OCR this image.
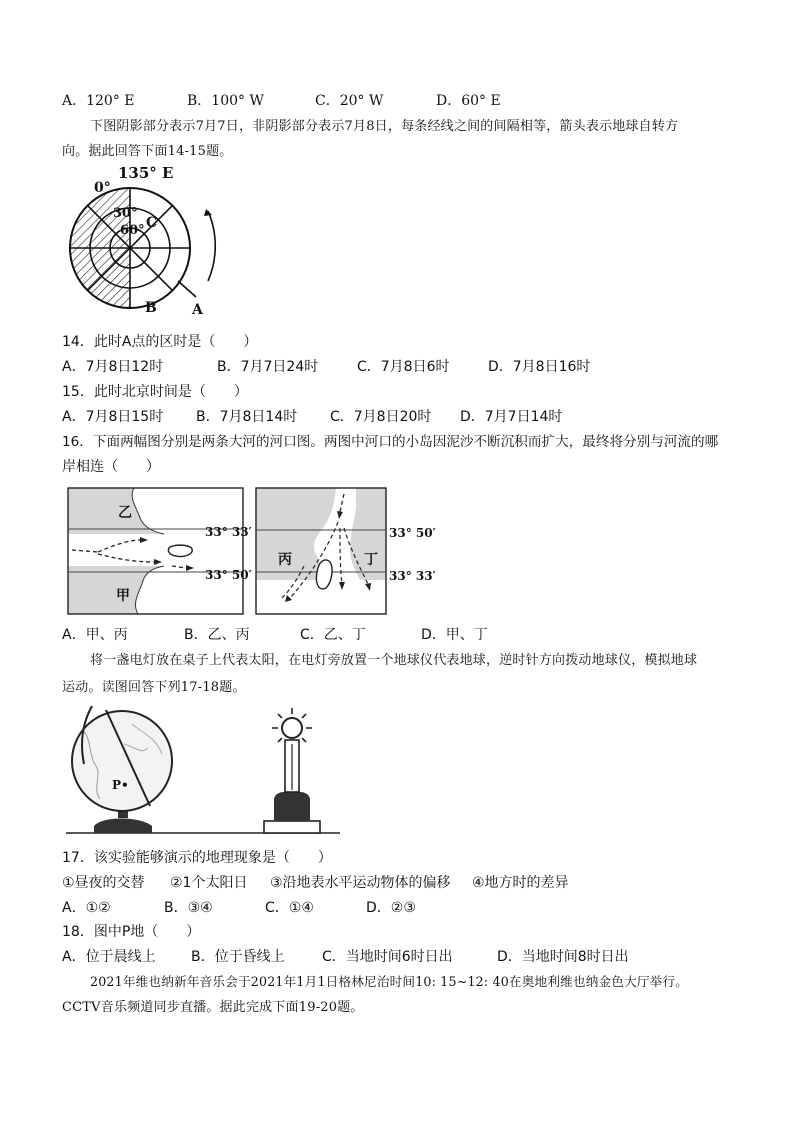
A．120° E	B．100° W	C．20° W	D．60° E
下图阴影部分表示7月7日，非阴影部分表示7月8日，每条经线之间的间隔相等，箭头表示地球自转方
向。据此回答下面14-15题。
135° E
0°
30°
60° C
B	A
14．此时A点的区时是（　　）
A．7月8日12时	B．7月7日24时	C．7月8日6时	D．7月8日16时
15．此时北京时间是（　　）
A．7月8日15时 B．7月8日14时 C．7月8日20时 D．7月7日14时
16．下面两幅图分别是两条大河的河口图。两图中河口的小岛因泥沙不断沉积而扩大，最终将分别与河流的哪
岸相连（　　）
乙
甲
33° 33′
33° 50′
丙	丁
33° 50′
33° 33′
A．甲、丙	B．乙、丙	C．乙、丁	D．甲、丁
将一盏电灯放在桌子上代表太阳，在电灯旁放置一个地球仪代表地球，逆时针方向拨动地球仪，模拟地球
运动。读图回答下列17-18题。
P•
17．该实验能够演示的地理现象是（　　）
①昼夜的交替 ②1个太阳日 ③沿地表水平运动物体的偏移 ④地方时的差异
A．①②	B．③④	C．①④	D．②③
18．图中P地（　　）
A．位于晨线上	B．位于昏线上	C．当地时间6时日出	D．当地时间8时日出
2021年维也纳新年音乐会于2021年1月1日格林尼治时间10: 15~12: 40在奥地利维也纳金色大厅举行。
CCTV音乐频道同步直播。据此完成下面19-20题。
